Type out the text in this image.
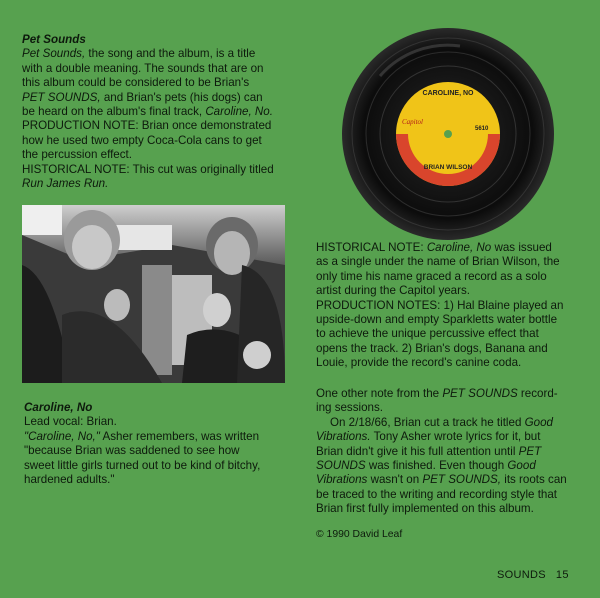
Pet Sounds

Pet Sounds, the song and the album, is a title

with a double meaning. The sounds that are on

this album could be considered to be Brian's

PET SOUNDS, and Brian's pets (his dogs) can

be heard on the album's final track, Caroline, No.

PRODUCTION NOTE: Brian once demonstrated

how he used two empty Coca-Cola cans to get

the percussion effect.

HISTORICAL NOTE: This cut was originally titled

Run James Run.

CAROLINE, NO
Capitol
5610
BRIAN WILSON

Caroline, No

Lead vocal: Brian.

"Caroline, No," Asher remembers, was written

"because Brian was saddened to see how

sweet little girls turned out to be kind of bitchy,

hardened adults."

HISTORICAL NOTE: Caroline, No was issued

as a single under the name of Brian Wilson, the

only time his name graced a record as a solo

artist during the Capitol years.

PRODUCTION NOTES: 1) Hal Blaine played an

upside-down and empty Sparkletts water bottle

to achieve the unique percussive effect that

opens the track. 2) Brian's dogs, Banana and

Louie, provide the record's canine coda.

One other note from the PET SOUNDS record-

ing sessions.

On 2/18/66, Brian cut a track he titled Good

Vibrations. Tony Asher wrote lyrics for it, but

Brian didn't give it his full attention until PET

SOUNDS was finished. Even though Good

Vibrations wasn't on PET SOUNDS, its roots can

be traced to the writing and recording style that

Brian first fully implemented on this album.

© 1990 David Leaf
SOUNDS   15
